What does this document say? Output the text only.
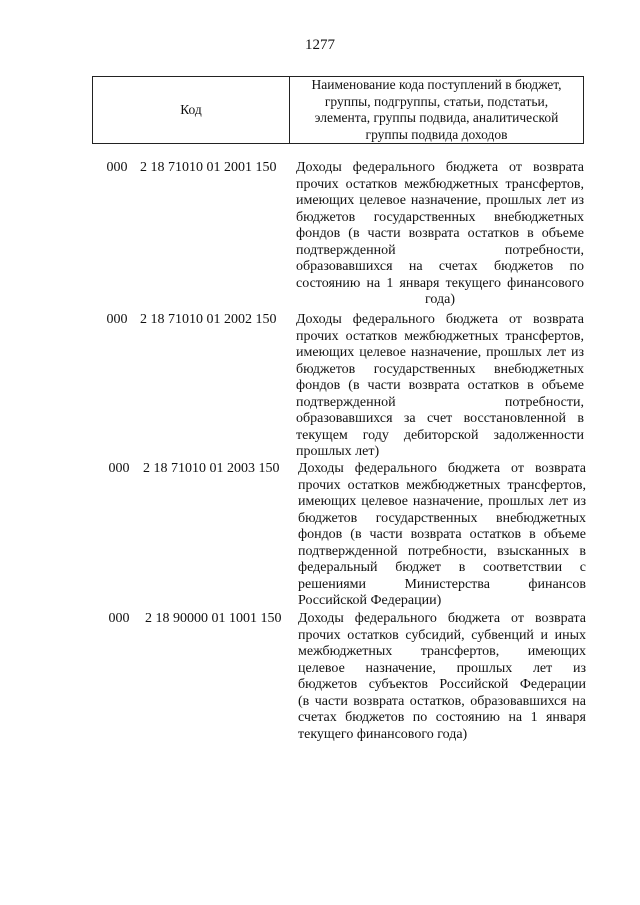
1277
Код	
Наименование кода поступлений в бюджет,
группы, подгруппы, статьи, подстатьи,
элемента, группы подвида, аналитической
группы подвида доходов
000 2 18 71010 01 2001 150	Доходы федерального бюджета от возврата
прочих остатков межбюджетных трансфертов,
имеющих целевое назначение, прошлых лет из
бюджетов государственных внебюджетных
фондов (в части возврата остатков в объеме
подтвержденной потребности,
образовавшихся на счетах бюджетов по
состоянию на 1 января текущего финансового
года)
000 2 18 71010 01 2002 150	Доходы федерального бюджета от возврата
прочих остатков межбюджетных трансфертов,
имеющих целевое назначение, прошлых лет из
бюджетов государственных внебюджетных
фондов (в части возврата остатков в объеме
подтвержденной потребности,
образовавшихся за счет восстановленной в
текущем году дебиторской задолженности
прошлых лет)
000 2 18 71010 01 2003 150	Доходы федерального бюджета от возврата
прочих остатков межбюджетных трансфертов,
имеющих целевое назначение, прошлых лет из
бюджетов государственных внебюджетных
фондов (в части возврата остатков в объеме
подтвержденной потребности, взысканных в
федеральный бюджет в соответствии с
решениями Министерства финансов
Российской Федерации)
000	2 18 90000 01 1001 150	Доходы федерального бюджета от возврата
прочих остатков субсидий, субвенций и иных
межбюджетных трансфертов, имеющих
целевое назначение, прошлых лет из
бюджетов субъектов Российской Федерации
(в части возврата остатков, образовавшихся на
счетах бюджетов по состоянию на 1 января
текущего финансового года)
